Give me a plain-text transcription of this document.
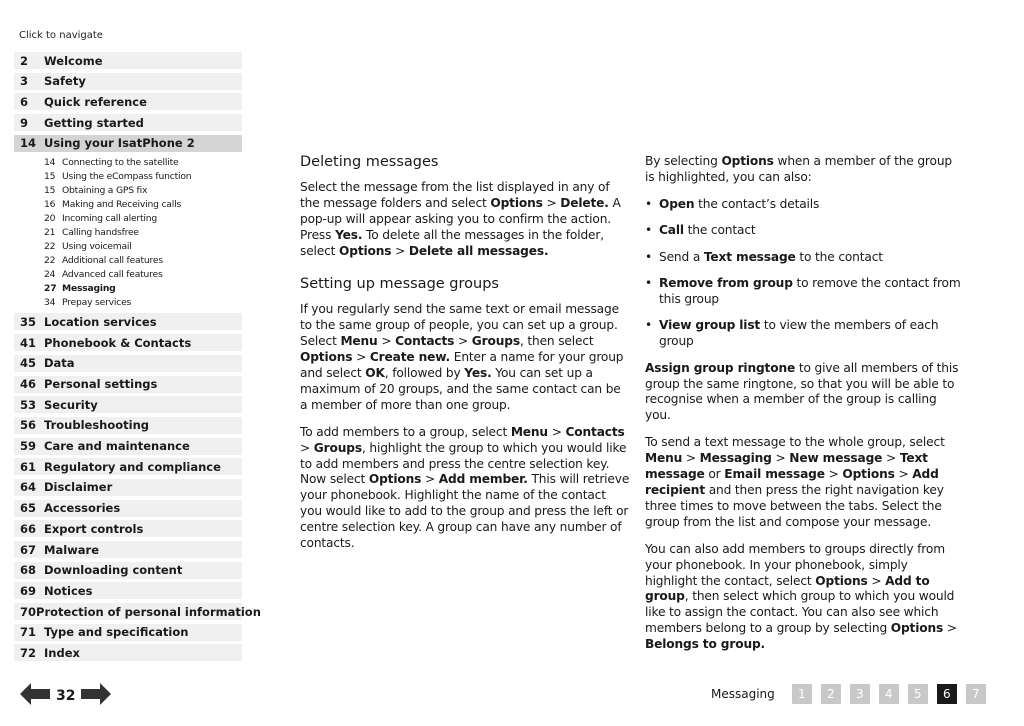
Click to navigate
2	Welcome
3	Safety
6	Quick reference
9	Getting started
14 Using your IsatPhone 2
14 Connecting to the satellite
15 Using the eCompass function
15 Obtaining a GPS fix
16 Making and Receiving calls
20 Incoming call alerting
21 Calling handsfree
22 Using voicemail
22 Additional call features
24 Advanced call features
27 Messaging
34 Prepay services
35 Location services
41 Phonebook & Contacts
45 Data
46 Personal settings
53 Security
56 Troubleshooting
59 Care and maintenance
61 Regulatory and compliance
64 Disclaimer
65 Accessories
66 Export controls
67 Malware
68 Downloading content
69 Notices
70 Protection of personal information
71 Type and specification
72 Index
32
Deleting messages

Select the message from the list displayed in any of the message folders and select Options > Delete. A pop-up will appear asking you to confirm the action. Press Yes. To delete all the messages in the folder, select Options > Delete all messages.

Setting up message groups

If you regularly send the same text or email message to the same group of people, you can set up a group. Select Menu > Contacts > Groups, then select Options > Create new. Enter a name for your group and select OK, followed by Yes. You can set up a maximum of 20 groups, and the same contact can be a member of more than one group.

To add members to a group, select Menu > Contacts > Groups, highlight the group to which you would like to add members and press the centre selection key. Now select Options > Add member. This will retrieve your phonebook. Highlight the name of the contact you would like to add to the group and press the left or centre selection key. A group can have any number of contacts.

By selecting Options when a member of the group is highlighted, you can also:

• Open the contact’s details
• Call the contact
• Send a Text message to the contact
• Remove from group to remove the contact from this group
• View group list to view the members of each group

Assign group ringtone to give all members of this group the same ringtone, so that you will be able to recognise when a member of the group is calling you.

To send a text message to the whole group, select Menu > Messaging > New message > Text message or Email message > Options > Add recipient and then press the right navigation key three times to move between the tabs. Select the group from the list and compose your message.

You can also add members to groups directly from your phonebook. In your phonebook, simply highlight the contact, select Options > Add to group, then select which group to which you would like to assign the contact. You can also see which members belong to a group by selecting Options > Belongs to group.

Messaging	1	2	3	4	5	6	7
